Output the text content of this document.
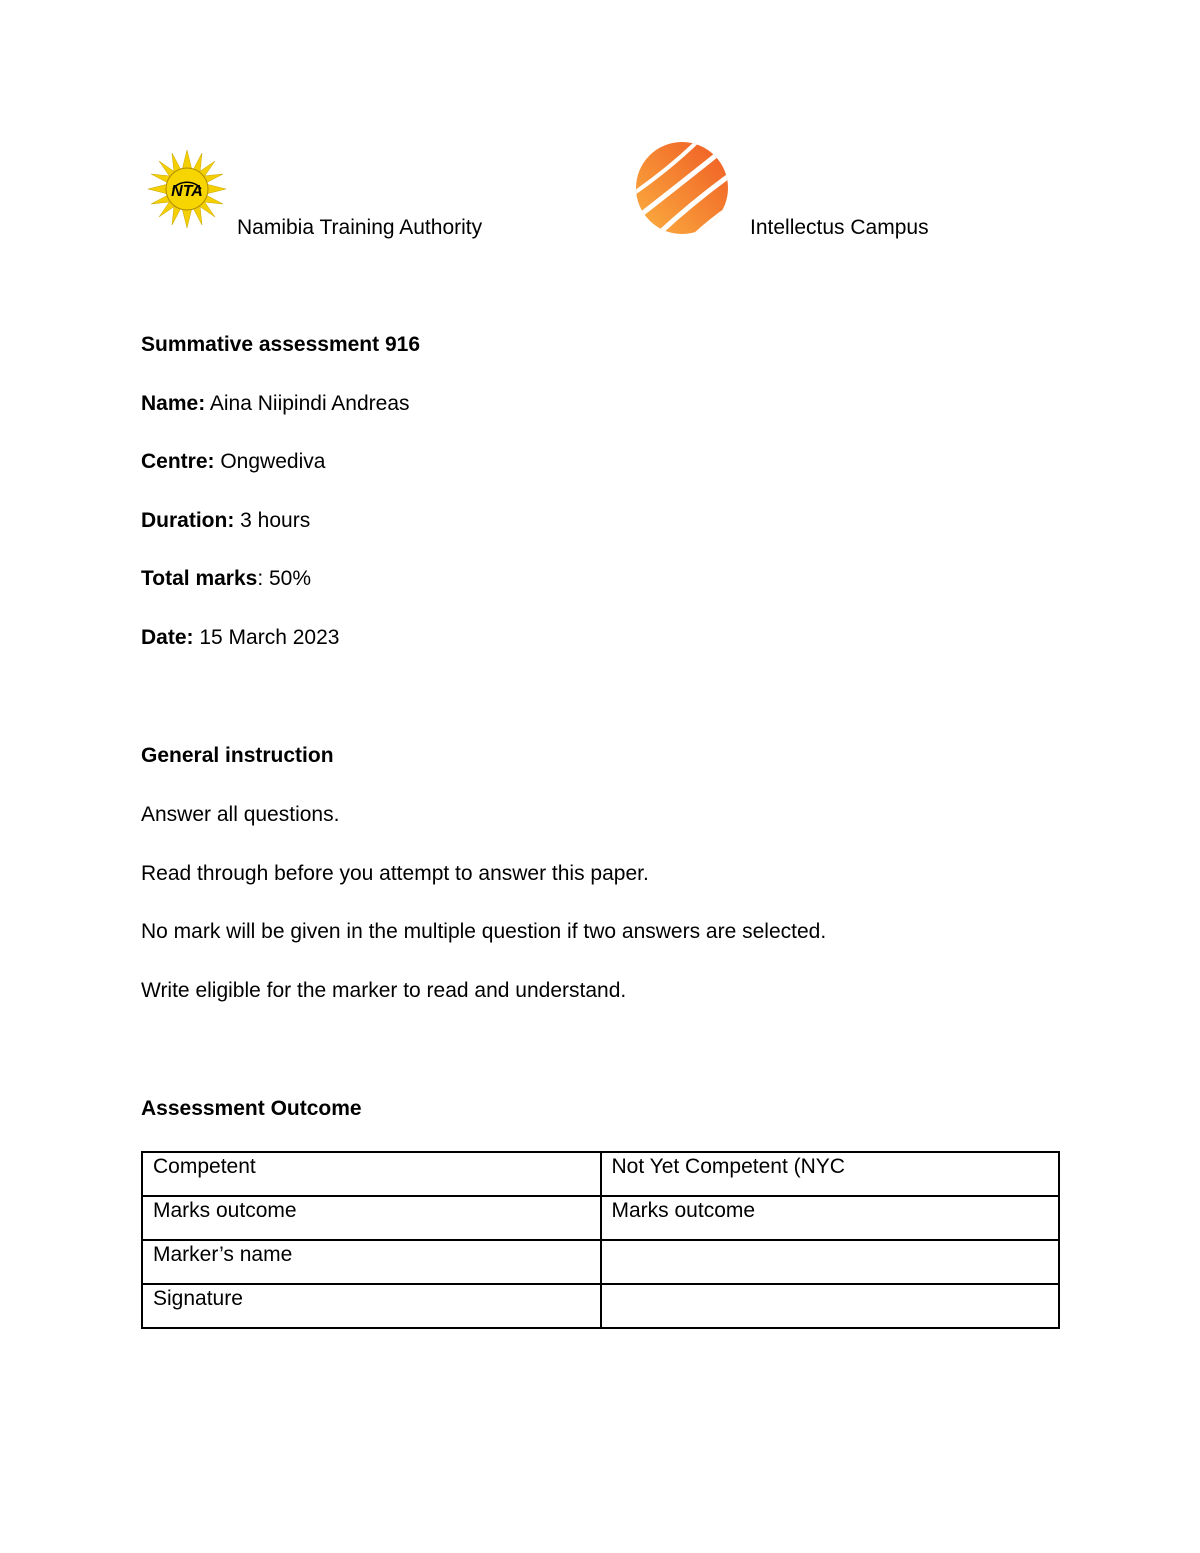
NTA
Namibia Training Authority	Intellectus Campus
Summative assessment 916
Name: Aina Niipindi Andreas
Centre: Ongwediva
Duration: 3 hours
Total marks: 50%
Date: 15 March 2023
General instruction
Answer all questions.
Read through before you attempt to answer this paper.
No mark will be given in the multiple question if two answers are selected.
Write eligible for the marker to read and understand.
Assessment Outcome
Competent	Not Yet Competent (NYC
Marks outcome	Marks outcome
Marker’s name	
Signature	
